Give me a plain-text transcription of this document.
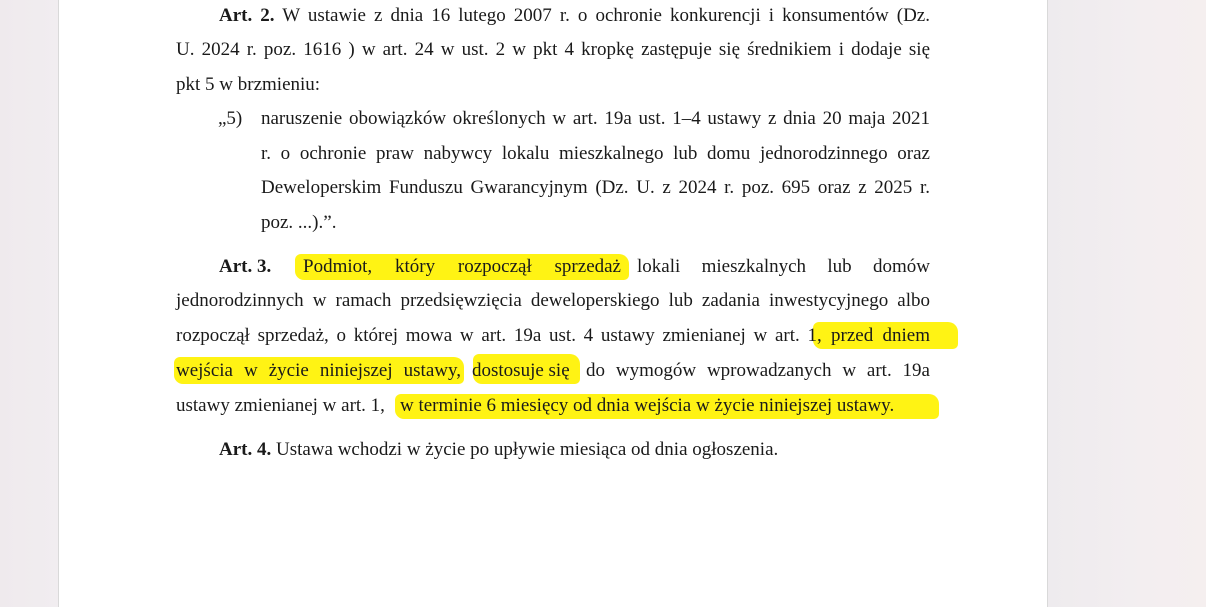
Art. 2. W ustawie z dnia 16 lutego 2007 r. o ochronie konkurencji i konsumentów (Dz.
U. 2024 r. poz. 1616 ) w art. 24 w ust. 2 w pkt 4 kropkę zastępuje się średnikiem i dodaje się
pkt 5 w brzmieniu:
„5) naruszenie obowiązków określonych w art. 19a ust. 1–4 ustawy z dnia 20 maja 2021
r. o ochronie praw nabywcy lokalu mieszkalnego lub domu jednorodzinnego oraz
Deweloperskim Funduszu Gwarancyjnym (Dz. U. z 2024 r. poz. 695 oraz z 2025 r.
poz. ...).”.
Art. 3. Podmiot, który rozpoczął sprzedaż lokali mieszkalnych lub domów
jednorodzinnych w ramach przedsięwzięcia deweloperskiego lub zadania inwestycyjnego albo
rozpoczął sprzedaż, o której mowa w art. 19a ust. 4 ustawy zmienianej w art. 1 , przed dniem
wejścia w życie niniejszej ustawy, dostosuje się do wymogów wprowadzanych w art. 19a
ustawy zmienianej w art. 1, w terminie 6 miesięcy od dnia wejścia w życie niniejszej ustawy.
Art. 4. Ustawa wchodzi w życie po upływie miesiąca od dnia ogłoszenia.
